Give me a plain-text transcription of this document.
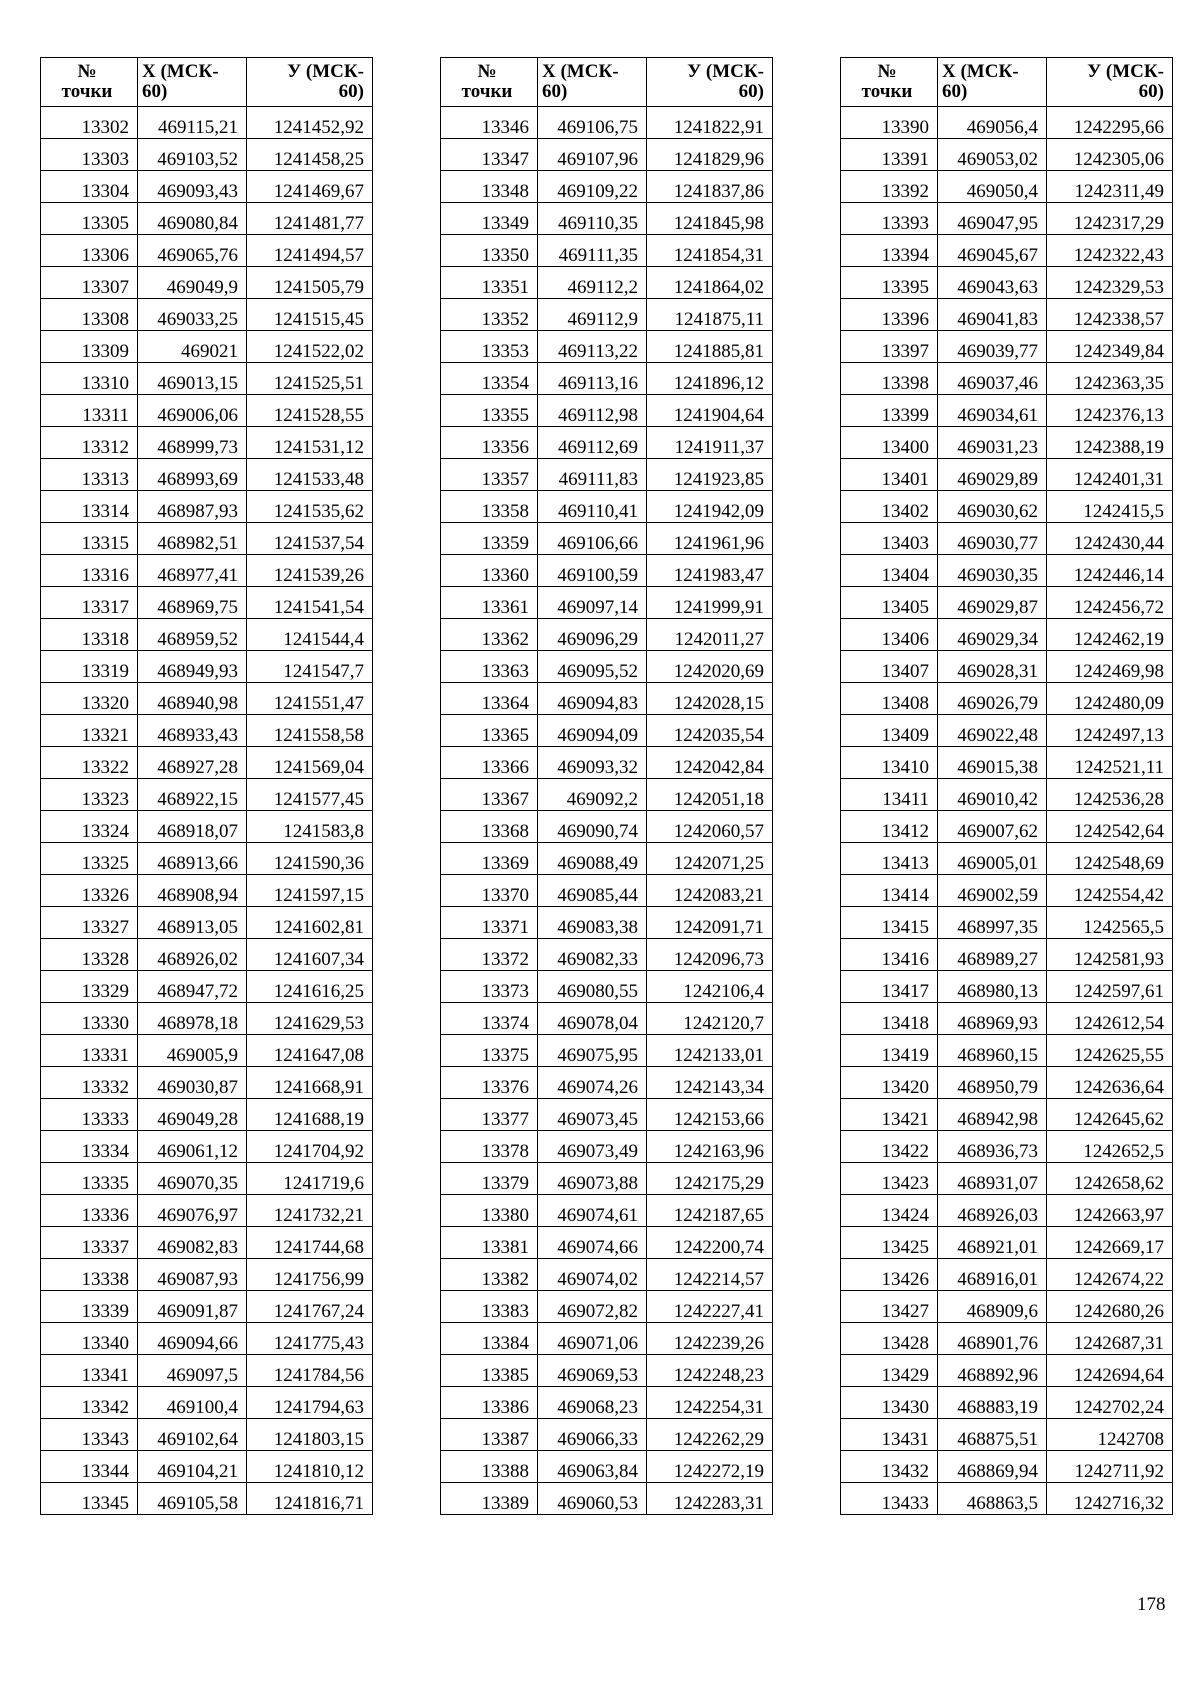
№
точки	X (МСК-
60)	У (МСК-
60)
13302	469115,21	1241452,92
13303	469103,52	1241458,25
13304	469093,43	1241469,67
13305	469080,84	1241481,77
13306	469065,76	1241494,57
13307	469049,9	1241505,79
13308	469033,25	1241515,45
13309	469021	1241522,02
13310	469013,15	1241525,51
13311	469006,06	1241528,55
13312	468999,73	1241531,12
13313	468993,69	1241533,48
13314	468987,93	1241535,62
13315	468982,51	1241537,54
13316	468977,41	1241539,26
13317	468969,75	1241541,54
13318	468959,52	1241544,4
13319	468949,93	1241547,7
13320	468940,98	1241551,47
13321	468933,43	1241558,58
13322	468927,28	1241569,04
13323	468922,15	1241577,45
13324	468918,07	1241583,8
13325	468913,66	1241590,36
13326	468908,94	1241597,15
13327	468913,05	1241602,81
13328	468926,02	1241607,34
13329	468947,72	1241616,25
13330	468978,18	1241629,53
13331	469005,9	1241647,08
13332	469030,87	1241668,91
13333	469049,28	1241688,19
13334	469061,12	1241704,92
13335	469070,35	1241719,6
13336	469076,97	1241732,21
13337	469082,83	1241744,68
13338	469087,93	1241756,99
13339	469091,87	1241767,24
13340	469094,66	1241775,43
13341	469097,5	1241784,56
13342	469100,4	1241794,63
13343	469102,64	1241803,15
13344	469104,21	1241810,12
13345	469105,58	1241816,71
№
точки	X (МСК-
60)	У (МСК-
60)
13346	469106,75	1241822,91
13347	469107,96	1241829,96
13348	469109,22	1241837,86
13349	469110,35	1241845,98
13350	469111,35	1241854,31
13351	469112,2	1241864,02
13352	469112,9	1241875,11
13353	469113,22	1241885,81
13354	469113,16	1241896,12
13355	469112,98	1241904,64
13356	469112,69	1241911,37
13357	469111,83	1241923,85
13358	469110,41	1241942,09
13359	469106,66	1241961,96
13360	469100,59	1241983,47
13361	469097,14	1241999,91
13362	469096,29	1242011,27
13363	469095,52	1242020,69
13364	469094,83	1242028,15
13365	469094,09	1242035,54
13366	469093,32	1242042,84
13367	469092,2	1242051,18
13368	469090,74	1242060,57
13369	469088,49	1242071,25
13370	469085,44	1242083,21
13371	469083,38	1242091,71
13372	469082,33	1242096,73
13373	469080,55	1242106,4
13374	469078,04	1242120,7
13375	469075,95	1242133,01
13376	469074,26	1242143,34
13377	469073,45	1242153,66
13378	469073,49	1242163,96
13379	469073,88	1242175,29
13380	469074,61	1242187,65
13381	469074,66	1242200,74
13382	469074,02	1242214,57
13383	469072,82	1242227,41
13384	469071,06	1242239,26
13385	469069,53	1242248,23
13386	469068,23	1242254,31
13387	469066,33	1242262,29
13388	469063,84	1242272,19
13389	469060,53	1242283,31
№
точки	X (МСК-
60)	У (МСК-
60)
13390	469056,4	1242295,66
13391	469053,02	1242305,06
13392	469050,4	1242311,49
13393	469047,95	1242317,29
13394	469045,67	1242322,43
13395	469043,63	1242329,53
13396	469041,83	1242338,57
13397	469039,77	1242349,84
13398	469037,46	1242363,35
13399	469034,61	1242376,13
13400	469031,23	1242388,19
13401	469029,89	1242401,31
13402	469030,62	1242415,5
13403	469030,77	1242430,44
13404	469030,35	1242446,14
13405	469029,87	1242456,72
13406	469029,34	1242462,19
13407	469028,31	1242469,98
13408	469026,79	1242480,09
13409	469022,48	1242497,13
13410	469015,38	1242521,11
13411	469010,42	1242536,28
13412	469007,62	1242542,64
13413	469005,01	1242548,69
13414	469002,59	1242554,42
13415	468997,35	1242565,5
13416	468989,27	1242581,93
13417	468980,13	1242597,61
13418	468969,93	1242612,54
13419	468960,15	1242625,55
13420	468950,79	1242636,64
13421	468942,98	1242645,62
13422	468936,73	1242652,5
13423	468931,07	1242658,62
13424	468926,03	1242663,97
13425	468921,01	1242669,17
13426	468916,01	1242674,22
13427	468909,6	1242680,26
13428	468901,76	1242687,31
13429	468892,96	1242694,64
13430	468883,19	1242702,24
13431	468875,51	1242708
13432	468869,94	1242711,92
13433	468863,5	1242716,32
178
